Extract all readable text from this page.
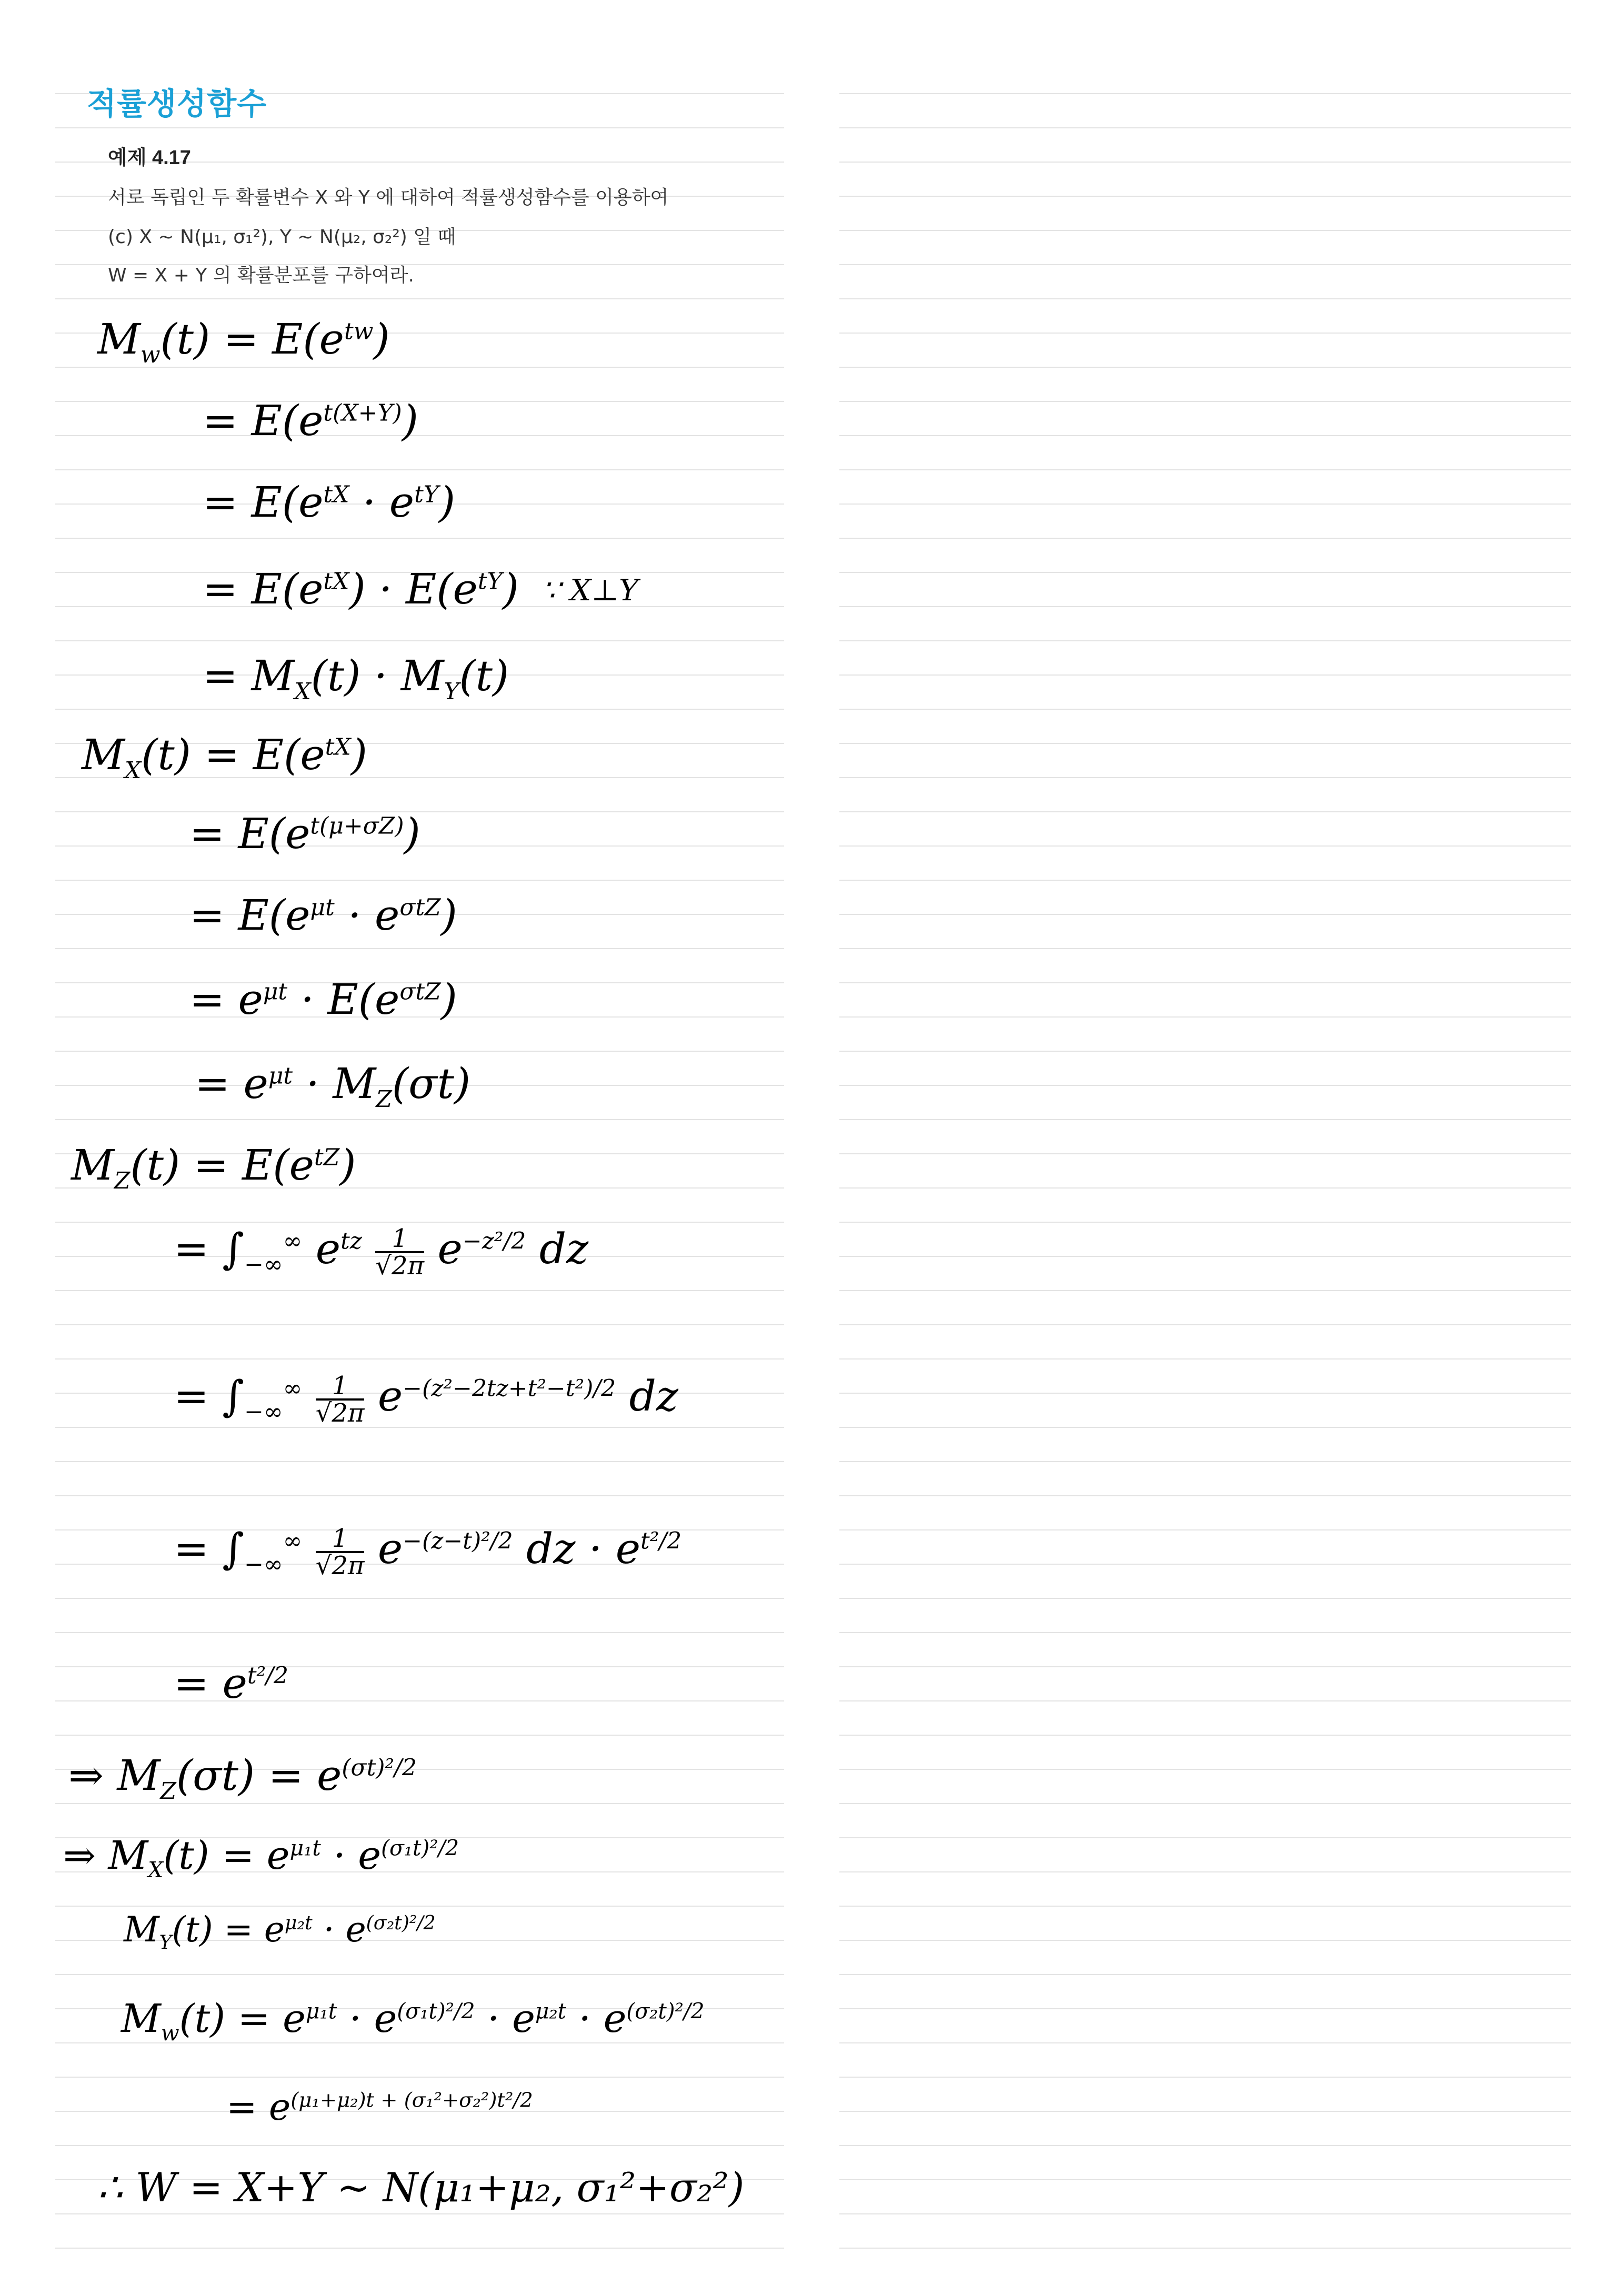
적률생성함수
예제 4.17
서로 독립인 두 확률변수 X 와 Y 에 대하여 적률생성함수를 이용하여
(c) X ~ N(μ₁, σ₁²), Y ~ N(μ₂, σ₂²) 일 때
W = X + Y 의 확률분포를 구하여라.
$M_w(t) = E(e^{tw})$
= $E(e^{t(X+Y)})$
= $E(e^{tX} \cdot e^{tY})$
= $E(e^{tX}) \cdot E(e^{tY})$ ∵ X⊥Y
= $M_X(t) \cdot M_Y(t)$
$M_X(t) = E(e^{tX})$
= $E(e^{t(\mu+\sigma Z)})$
= $E(e^{\mu t} \cdot e^{\sigma tZ})$
= $e^{\mu t} \cdot E(e^{\sigma tZ})$
= $e^{\mu t} \cdot M_Z(\sigma t)$
$M_Z(t) = E(e^{tZ})$
= $\int_{-\infty}^\infty$ $e^{tz} \frac{1}{√2\pi} e^{-z^2/2}$ dz
= $\int_{-\infty}^\infty \frac{1}{√2\pi} e^{-(z^2-2tz+t^2-t^2)/2}$ dz
= $\int_{-\infty}^\infty \frac{1}{√2\pi} e^{-(z-t)^2/2}$ dz · $e^{t^2/2}$
= $e^{t^2/2}$
⇒ $M_Z(\sigma t) = e^{(\sigma t)^2/2}$
⇒ $M_X(t) = e^{\mu_1t} \cdot e^{(\sigma_1t)^2/2}$
$M_Y(t) = e^{\mu_2t} \cdot e^{(\sigma_2t)^2/2}$
$M_w(t) = e^{\mu_1t} \cdot e^{(\sigma_1t)^2/2} \cdot e^{\mu_2t} \cdot e^{(\sigma_2t)^2/2}$
= $e^{(\mu_1+\mu_2)t + (\sigma_1^2+\sigma_2^2)t^2/2}$
∴ W = X+Y ~ N(μ₁+μ₂, σ₁²+σ₂²)
